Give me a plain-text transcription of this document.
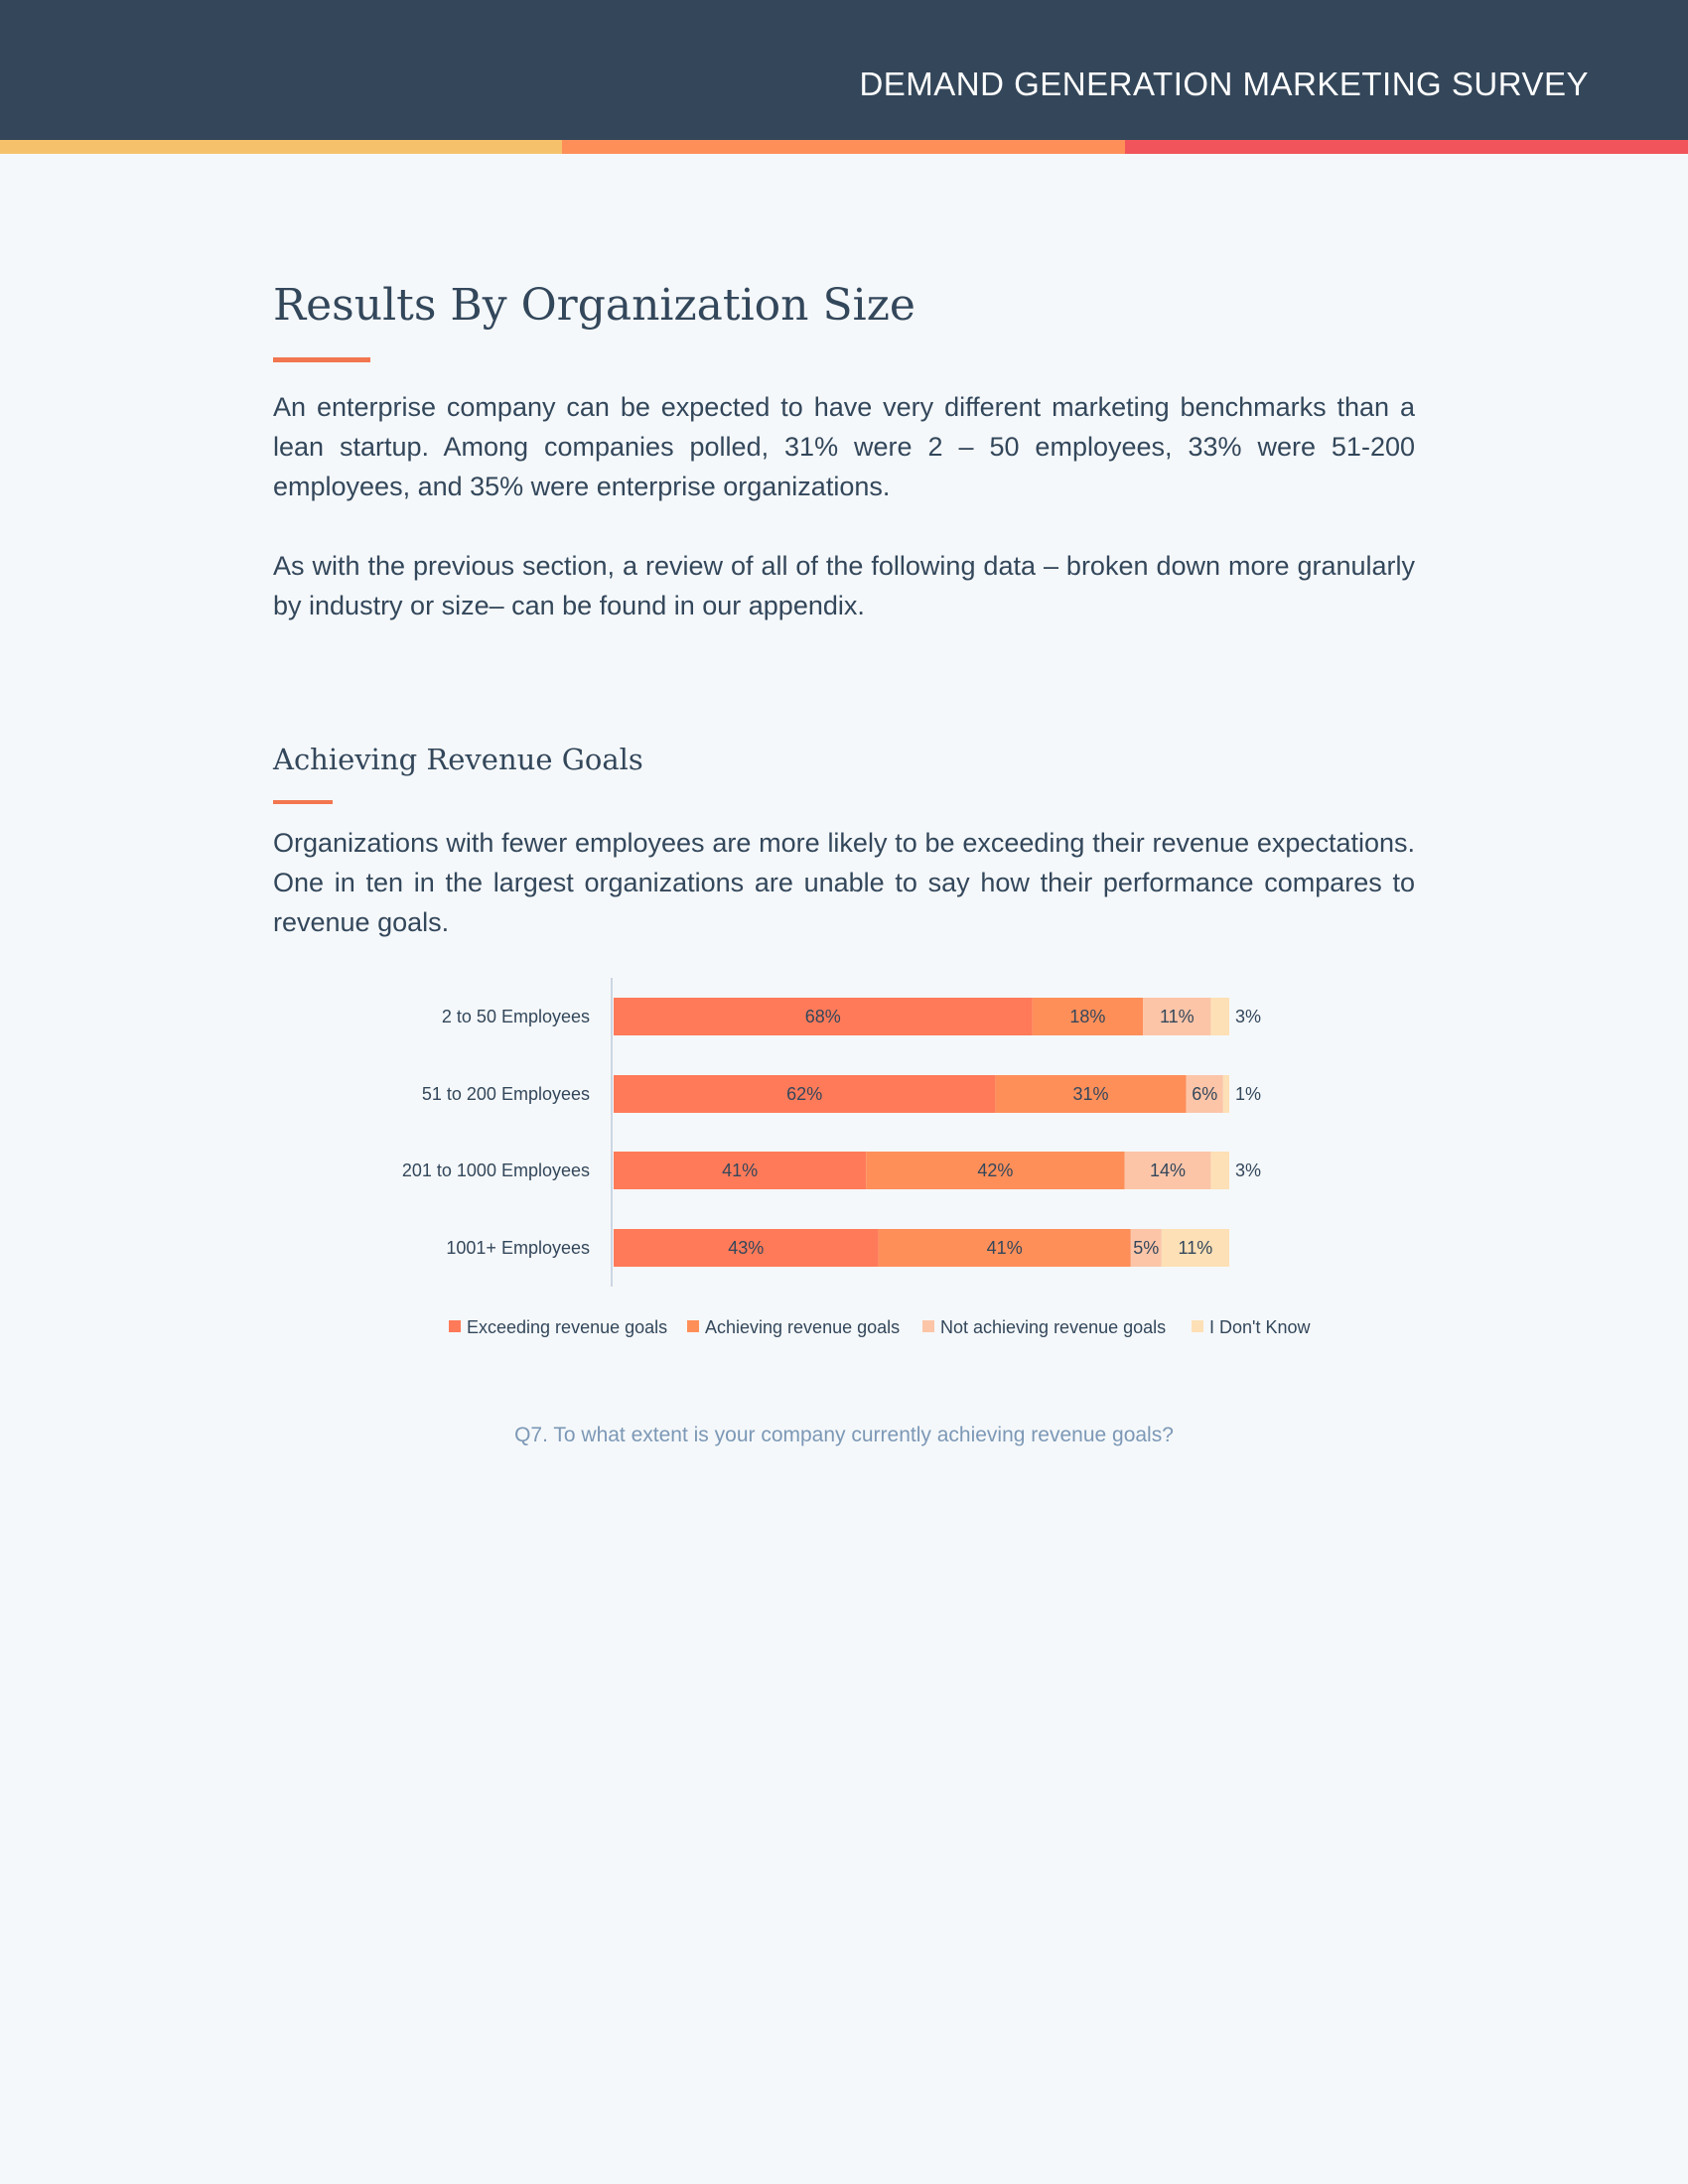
DEMAND GENERATION MARKETING SURVEY
Results By Organization Size

An enterprise company can be expected to have very different marketing benchmarks than a lean startup. Among companies polled, 31% were 2 – 50 employees, 33% were 51-200 employees, and 35% were enterprise organizations.

As with the previous section, a review of all of the following data – broken down more granularly by industry or size– can be found in our appendix.

Achieving Revenue Goals

Organizations with fewer employees are more likely to be exceeding their revenue expectations. One in ten in the largest organizations are unable to say how their performance compares to revenue goals.

2 to 50 Employees	68%	18%	11% 3%
51 to 200 Employees	62%	31%	6% 1%
201 to 1000 Employees	41%	42%	14%	3%
1001+ Employees	43%	41%	5% 11%
Exceeding revenue goals Achieving revenue goals Not achieving revenue goals I Don't Know
Q7. To what extent is your company currently achieving revenue goals?
